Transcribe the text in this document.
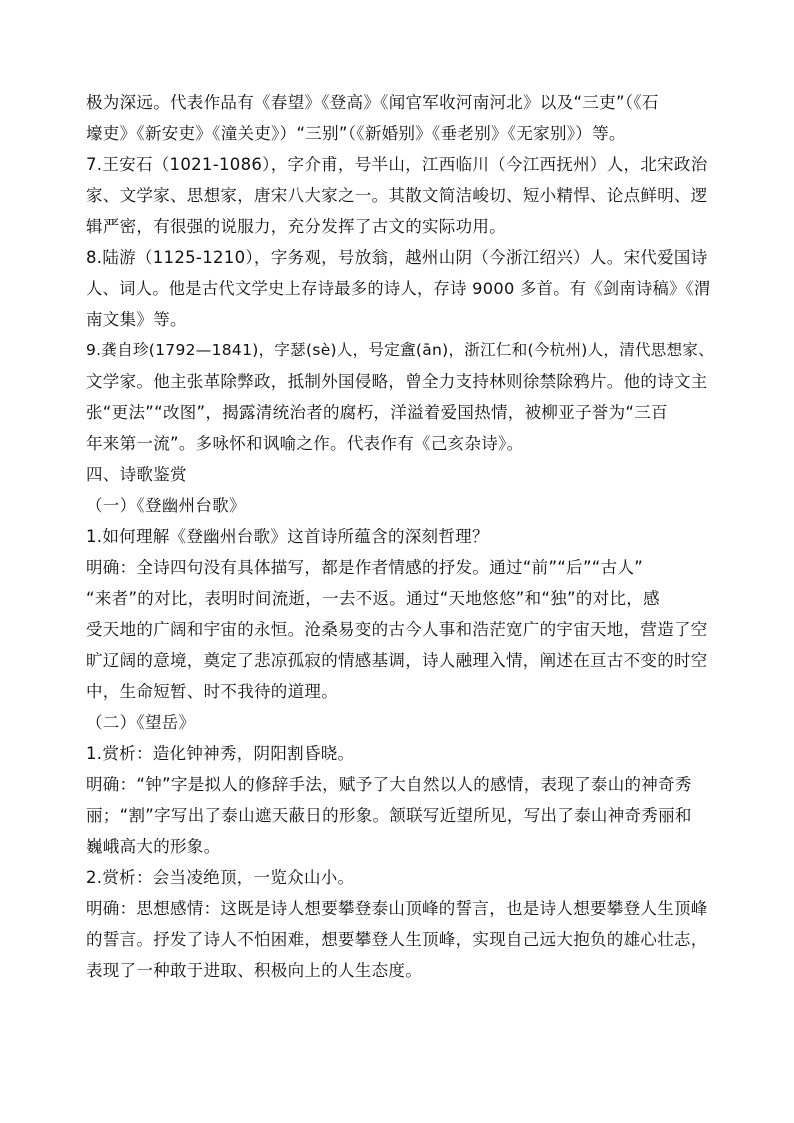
极为深远。代表作品有《春望》《登高》《闻官军收河南河北》以及“三吏”（《石
壕吏》《新安吏》《潼关吏》）“三别”（《新婚别》《垂老别》《无家别》）等。
7.王安石（1021-1086），字介甫，号半山，江西临川（今江西抚州）人，北宋政治
家、文学家、思想家，唐宋八大家之一。其散文简洁峻切、短小精悍、论点鲜明、逻
辑严密，有很强的说服力，充分发挥了古文的实际功用。
8.陆游（1125-1210），字务观，号放翁，越州山阴（今浙江绍兴）人。宋代爱国诗
人、词人。他是古代文学史上存诗最多的诗人，存诗 9000 多首。有《剑南诗稿》《渭
南文集》等。
9.龚自珍(1792—1841)，字瑟(sè)人，号定盦(ān)，浙江仁和(今杭州)人，清代思想家、
文学家。他主张革除弊政，抵制外国侵略，曾全力支持林则徐禁除鸦片。他的诗文主
张“更法”“改图”，揭露清统治者的腐朽，洋溢着爱国热情，被柳亚子誉为“三百
年来第一流”。多咏怀和讽喻之作。代表作有《己亥杂诗》。
四、诗歌鉴赏
（一）《登幽州台歌》
1.如何理解《登幽州台歌》这首诗所蕴含的深刻哲理？
明确：全诗四句没有具体描写，都是作者情感的抒发。通过“前”“后”“古人”
“来者”的对比，表明时间流逝，一去不返。通过“天地悠悠”和“独”的对比，感
受天地的广阔和宇宙的永恒。沧桑易变的古今人事和浩茫宽广的宇宙天地，营造了空
旷辽阔的意境，奠定了悲凉孤寂的情感基调，诗人融理入情，阐述在亘古不变的时空
中，生命短暂、时不我待的道理。
（二）《望岳》
1.赏析：造化钟神秀，阴阳割昏晓。
明确：“钟”字是拟人的修辞手法，赋予了大自然以人的感情，表现了泰山的神奇秀
丽；“割”字写出了泰山遮天蔽日的形象。颔联写近望所见，写出了泰山神奇秀丽和
巍峨高大的形象。
2.赏析：会当凌绝顶，一览众山小。
明确：思想感情：这既是诗人想要攀登泰山顶峰的誓言，也是诗人想要攀登人生顶峰
的誓言。抒发了诗人不怕困难，想要攀登人生顶峰，实现自己远大抱负的雄心壮志，
表现了一种敢于进取、积极向上的人生态度。
